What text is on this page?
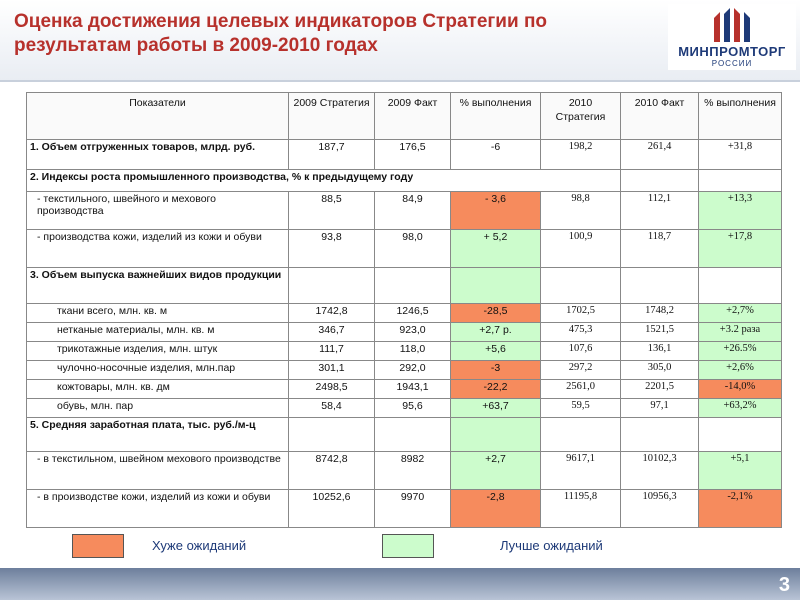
Оценка достижения целевых индикаторов Стратегии по результатам работы в 2009-2010 годах	МИНПРОМТОРГ
РОССИИ
Показатели	2009 Стратегия	2009 Факт	% выполнения	2010 Стратегия	2010 Факт	% выполнения
1. Объем отгруженных товаров, млрд. руб.	187,7	176,5	-6	198,2	261,4	+31,8
2. Индексы роста промышленного производства, % к предыдущему году						
- текстильного, швейного и мехового производства	88,5	84,9	- 3,6	98,8	112,1	+13,3
- производства кожи, изделий из кожи и обуви	93,8	98,0	+ 5,2	100,9	118,7	+17,8
3. Объем выпуска важнейших видов продукции						
ткани всего, млн. кв. м	1742,8	1246,5	-28,5	1702,5	1748,2	+2,7%
нетканые материалы, млн. кв. м	346,7	923,0	+2,7 р.	475,3	1521,5	+3.2 раза
трикотажные изделия, млн. штук	111,7	118,0	+5,6	107,6	136,1	+26.5%
чулочно-носочные изделия, млн.пар	301,1	292,0	-3	297,2	305,0	+2,6%
кожтовары, млн. кв. дм	2498,5	1943,1	-22,2	2561,0	2201,5	-14,0%
обувь, млн. пар	58,4	95,6	+63,7	59,5	97,1	+63,2%
5. Средняя заработная плата, тыс. руб./м-ц						
- в текстильном, швейном мехового производстве	8742,8	8982	+2,7	9617,1	10102,3	+5,1
- в производстве кожи, изделий из кожи и обуви	10252,6	9970	-2,8	11195,8	10956,3	-2,1%
Хуже ожиданий	Лучше ожиданий
3
